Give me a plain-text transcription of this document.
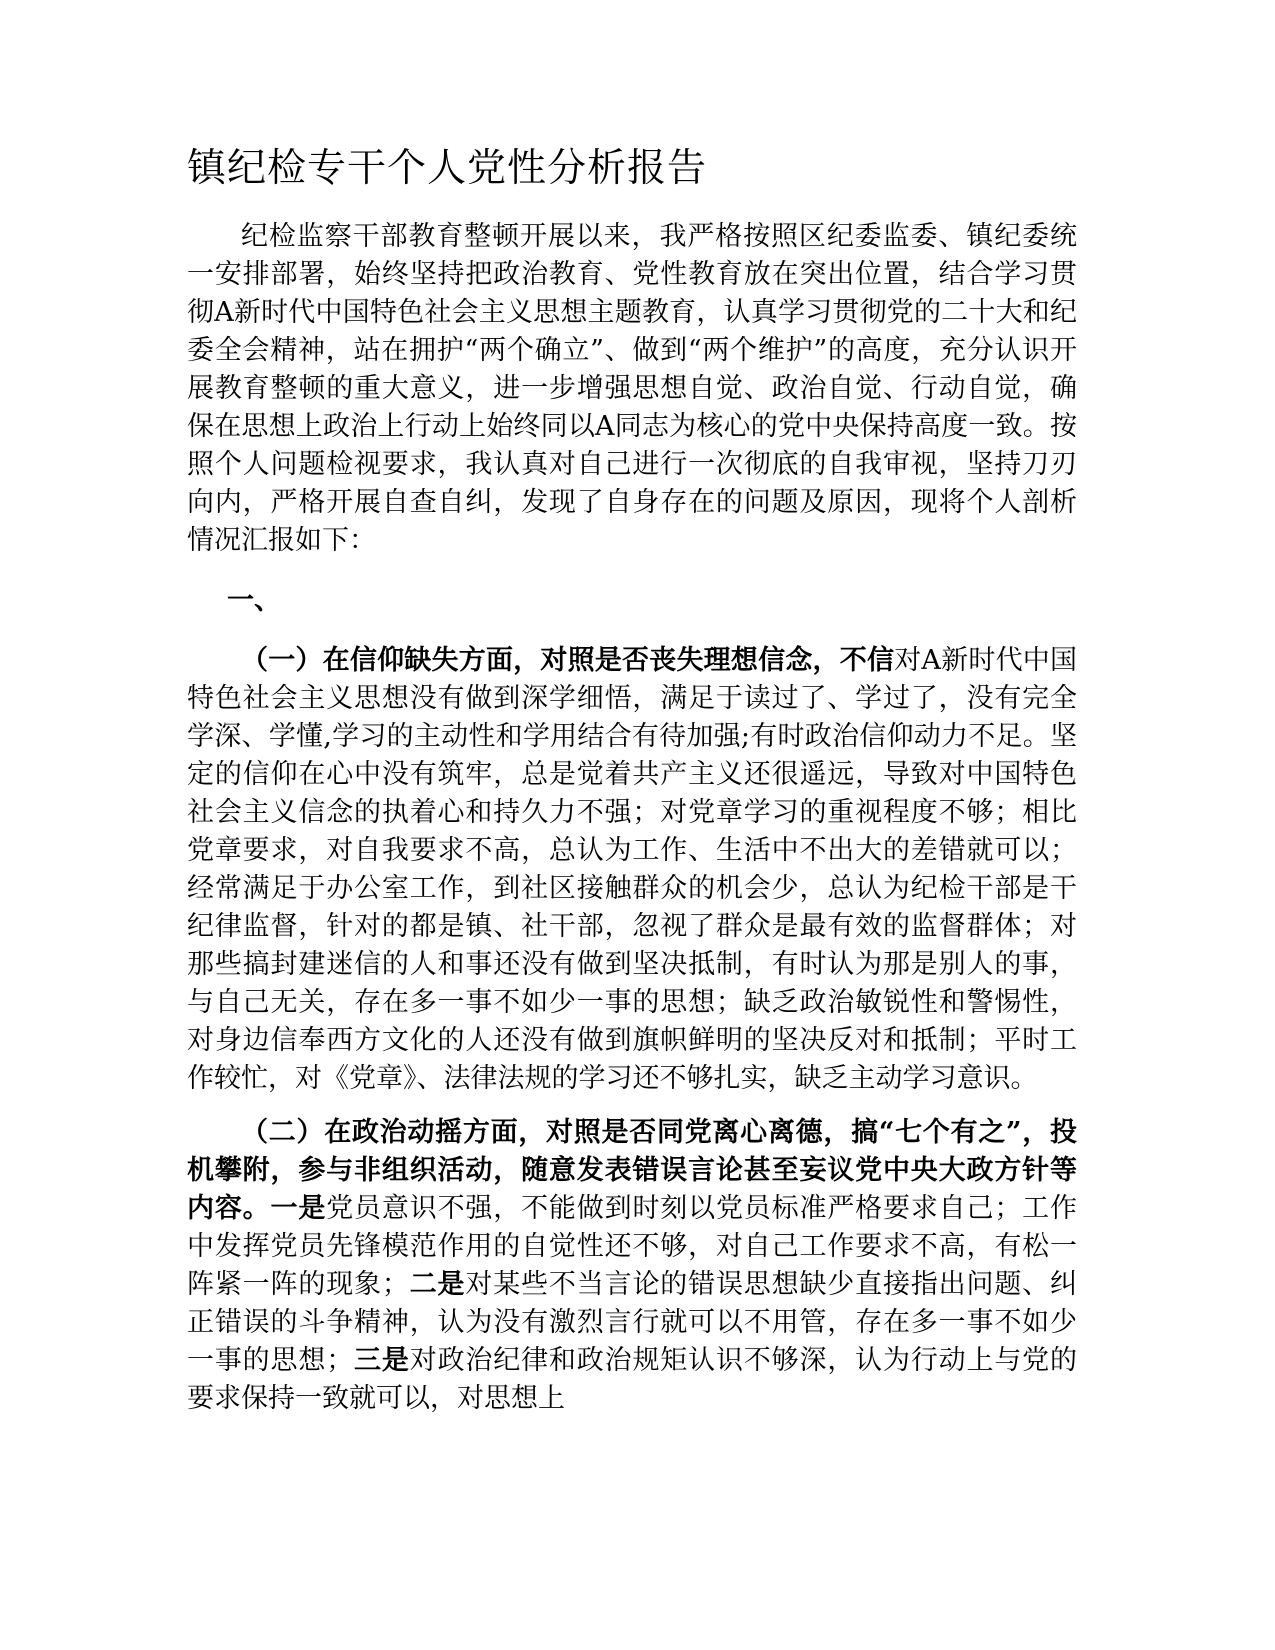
镇纪检专干个人党性分析报告

纪检监察干部教育整顿开展以来，我严格按照区纪委监委、镇纪委统一安排部署，始终坚持把政治教育、党性教育放在突出位置，结合学习贯彻A新时代中国特色社会主义思想主题教育，认真学习贯彻党的二十大和纪委全会精神，站在拥护“两个确立”、做到“两个维护”的高度，充分认识开展教育整顿的重大意义，进一步增强思想自觉、政治自觉、行动自觉，确保在思想上政治上行动上始终同以A同志为核心的党中央保持高度一致。按照个人问题检视要求，我认真对自己进行一次彻底的自我审视，坚持刀刃向内，严格开展自查自纠，发现了自身存在的问题及原因，现将个人剖析情况汇报如下：

一、

（一）在信仰缺失方面，对照是否丧失理想信念，不信对A新时代中国特色社会主义思想没有做到深学细悟，满足于读过了、学过了，没有完全学深、学懂,学习的主动性和学用结合有待加强;有时政治信仰动力不足。坚定的信仰在心中没有筑牢，总是觉着共产主义还很遥远，导致对中国特色社会主义信念的执着心和持久力不强；对党章学习的重视程度不够；相比党章要求，对自我要求不高，总认为工作、生活中不出大的差错就可以；经常满足于办公室工作，到社区接触群众的机会少，总认为纪检干部是干纪律监督，针对的都是镇、社干部，忽视了群众是最有效的监督群体；对那些搞封建迷信的人和事还没有做到坚决抵制，有时认为那是别人的事，与自己无关，存在多一事不如少一事的思想；缺乏政治敏锐性和警惕性，对身边信奉西方文化的人还没有做到旗帜鲜明的坚决反对和抵制；平时工作较忙，对《党章》、法律法规的学习还不够扎实，缺乏主动学习意识。

（二）在政治动摇方面，对照是否同党离心离德，搞“七个有之”，投机攀附，参与非组织活动，随意发表错误言论甚至妄议党中央大政方针等内容。一是党员意识不强，不能做到时刻以党员标准严格要求自己；工作中发挥党员先锋模范作用的自觉性还不够，对自己工作要求不高，有松一阵紧一阵的现象；二是对某些不当言论的错误思想缺少直接指出问题、纠正错误的斗争精神，认为没有激烈言行就可以不用管，存在多一事不如少一事的思想；三是对政治纪律和政治规矩认识不够深，认为行动上与党的要求保持一致就可以，对思想上
